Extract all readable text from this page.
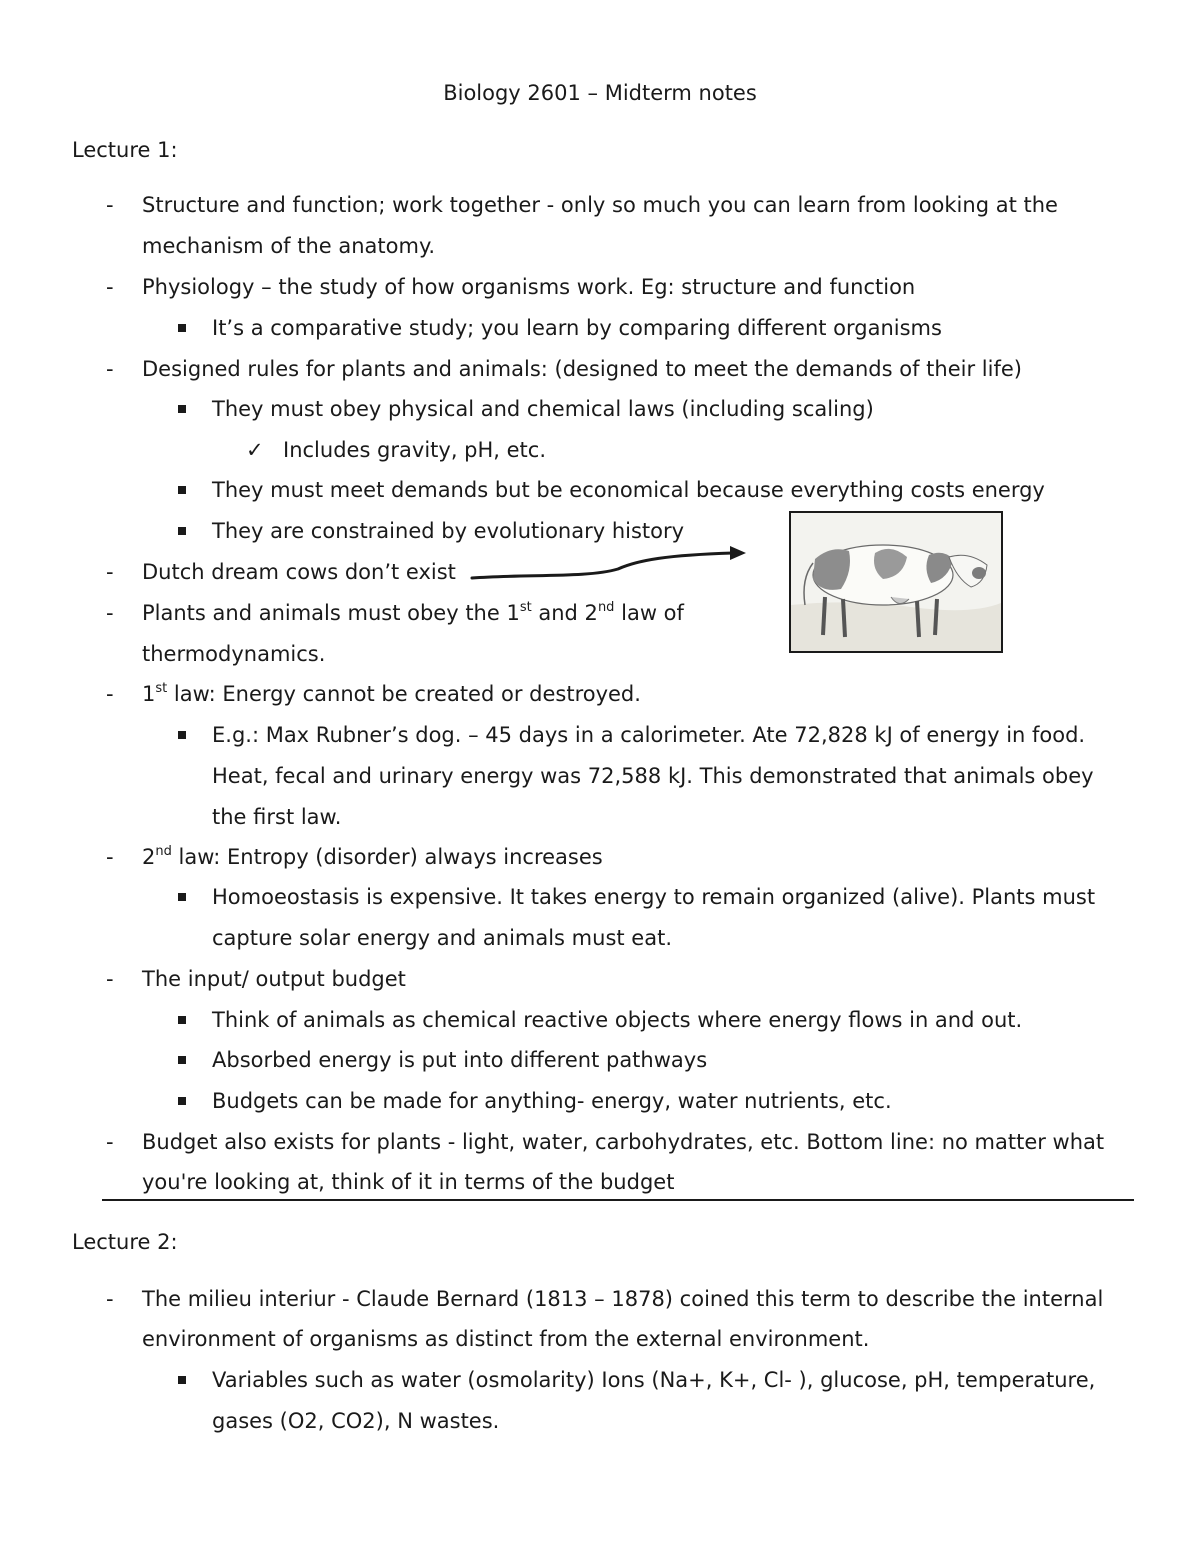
Biology 2601 – Midterm notes
Lecture 1:
- Structure and function; work together - only so much you can learn from looking at the
mechanism of the anatomy.
- Physiology – the study of how organisms work. Eg: structure and function
It’s a comparative study; you learn by comparing different organisms
- Designed rules for plants and animals: (designed to meet the demands of their life)
They must obey physical and chemical laws (including scaling)
✓ Includes gravity, pH, etc.
They must meet demands but be economical because everything costs energy
They are constrained by evolutionary history
- Dutch dream cows don’t exist
- Plants and animals must obey the 1st and 2nd law of
thermodynamics.
- 1st law: Energy cannot be created or destroyed.
E.g.: Max Rubner’s dog. – 45 days in a calorimeter. Ate 72,828 kJ of energy in food.
Heat, fecal and urinary energy was 72,588 kJ. This demonstrated that animals obey
the first law.
- 2nd law: Entropy (disorder) always increases
Homoeostasis is expensive. It takes energy to remain organized (alive). Plants must
capture solar energy and animals must eat.
- The input/ output budget
Think of animals as chemical reactive objects where energy flows in and out.
Absorbed energy is put into different pathways
Budgets can be made for anything- energy, water nutrients, etc.
- Budget also exists for plants - light, water, carbohydrates, etc. Bottom line: no matter what
you're looking at, think of it in terms of the budget
Lecture 2:
- The milieu interiur - Claude Bernard (1813 – 1878) coined this term to describe the internal
environment of organisms as distinct from the external environment.
Variables such as water (osmolarity) Ions (Na+, K+, Cl- ), glucose, pH, temperature,
gases (O2, CO2), N wastes.
